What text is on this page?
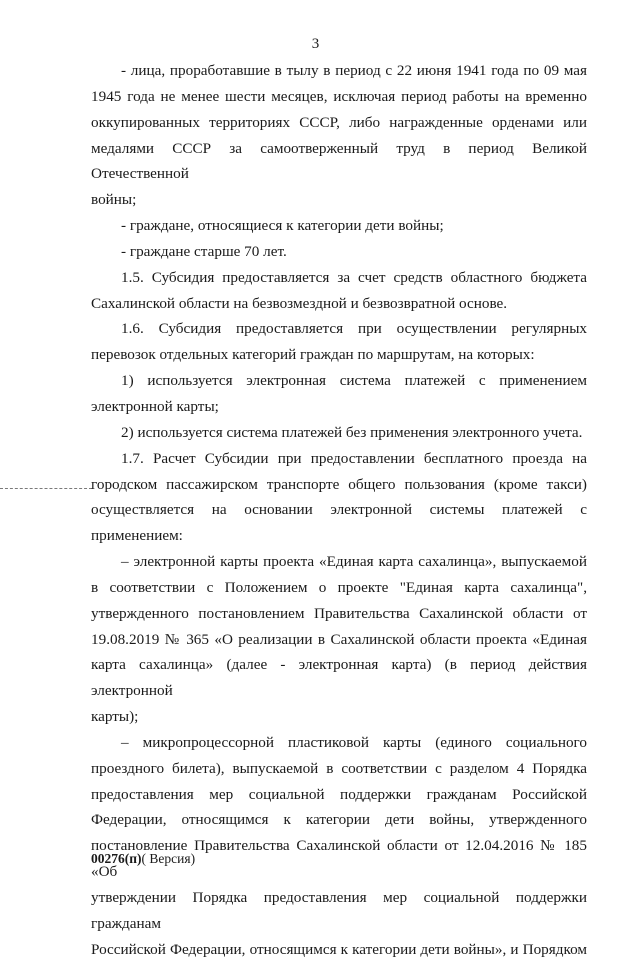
3

- лица, проработавшие в тылу в период с 22 июня 1941 года по 09 мая

1945 года не менее шести месяцев, исключая период работы на временно

оккупированных территориях СССР, либо награжденные орденами или

медалями СССР за самоотверженный труд в период Великой Отечественной

войны;

- граждане, относящиеся к категории дети войны;

- граждане старше 70 лет.

1.5. Субсидия предоставляется за счет средств областного бюджета

Сахалинской области на безвозмездной и безвозвратной основе.

1.6. Субсидия предоставляется при осуществлении регулярных

перевозок отдельных категорий граждан по маршрутам, на которых:

1) используется электронная система платежей с применением

электронной карты;

2) используется система платежей без применения электронного учета.

1.7. Расчет Субсидии при предоставлении бесплатного проезда на

городском пассажирском транспорте общего пользования (кроме такси)

осуществляется на основании электронной системы платежей с применением:

– электронной карты проекта «Единая карта сахалинца», выпускаемой

в соответствии с Положением о проекте "Единая карта сахалинца",

утвержденного постановлением Правительства Сахалинской области от

19.08.2019 № 365 «О реализации в Сахалинской области проекта «Единая

карта сахалинца» (далее - электронная карта) (в период действия электронной

карты);

– микропроцессорной пластиковой карты (единого социального

проездного билета), выпускаемой в соответствии с разделом 4 Порядка

предоставления мер социальной поддержки гражданам Российской

Федерации, относящимся к категории дети войны, утвержденного

постановление Правительства Сахалинской области от 12.04.2016 № 185 «Об

утверждении Порядка предоставления мер социальной поддержки гражданам

Российской Федерации, относящимся к категории дети войны», и Порядком

00276(п)( Версия)
